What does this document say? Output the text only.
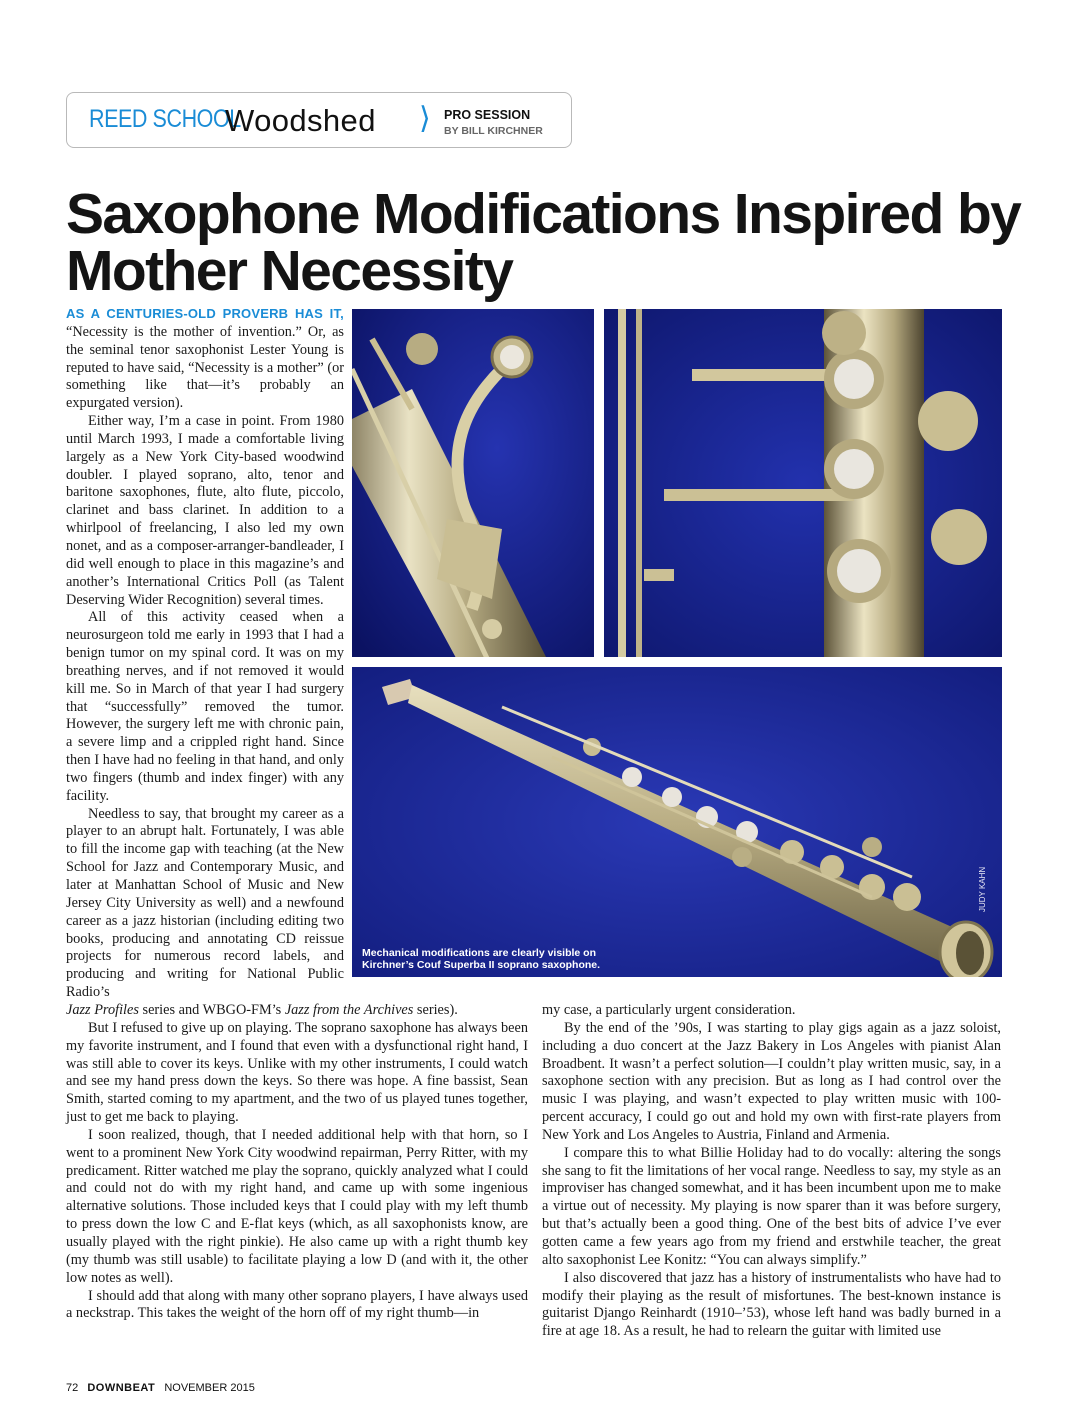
REED SCHOOL
Woodshed ⟩ PRO SESSION
BY BILL KIRCHNER
Saxophone Modifications Inspired by Mother Necessity

AS A CENTURIES-OLD PROVERB HAS IT, “Necessity is the mother of invention.” Or, as the seminal tenor saxophonist Lester Young is reputed to have said, “Necessity is a mother” (or something like that—it’s probably an expurgated version).

Either way, I’m a case in point. From 1980 until March 1993, I made a comfortable living largely as a New York City-based woodwind doubler. I played soprano, alto, tenor and baritone saxophones, flute, alto flute, piccolo, clarinet and bass clarinet. In addition to a whirlpool of freelancing, I also led my own nonet, and as a composer-arranger-bandleader, I did well enough to place in this magazine’s and another’s International Critics Poll (as Talent Deserving Wider Recognition) several times.

All of this activity ceased when a neurosurgeon told me early in 1993 that I had a benign tumor on my spinal cord. It was on my breathing nerves, and if not removed it would kill me. So in March of that year I had surgery that “successfully” removed the tumor. However, the surgery left me with chronic pain, a severe limp and a crippled right hand. Since then I have had no feeling in that hand, and only two fingers (thumb and index finger) with any facility.

Needless to say, that brought my career as a player to an abrupt halt. Fortunately, I was able to fill the income gap with teaching (at the New School for Jazz and Contemporary Music, and later at Manhattan School of Music and New Jersey City University as well) and a newfound career as a jazz historian (including editing two books, producing and annotating CD reissue projects for numerous record labels, and producing and writing for National Public Radio’s

Jazz Profiles series and WBGO-FM’s Jazz from the Archives series).

But I refused to give up on playing. The soprano saxophone has always been my favorite instrument, and I found that even with a dysfunctional right hand, I was still able to cover its keys. Unlike with my other instruments, I could watch and see my hand press down the keys. So there was hope. A fine bassist, Sean Smith, started coming to my apartment, and the two of us played tunes together, just to get me back to playing.

I soon realized, though, that I needed additional help with that horn, so I went to a prominent New York City woodwind repairman, Perry Ritter, with my predicament. Ritter watched me play the soprano, quickly analyzed what I could and could not do with my right hand, and came up with some ingenious alternative solutions. Those included keys that I could play with my left thumb to press down the low C and E-flat keys (which, as all saxophonists know, are usually played with the right pinkie). He also came up with a right thumb key (my thumb was still usable) to facilitate playing a low D (and with it, the other low notes as well).

I should add that along with many other soprano players, I have always used a neckstrap. This takes the weight of the horn off of my right thumb—in

my case, a particularly urgent consideration.

By the end of the ’90s, I was starting to play gigs again as a jazz soloist, including a duo concert at the Jazz Bakery in Los Angeles with pianist Alan Broadbent. It wasn’t a perfect solution—I couldn’t play written music, say, in a saxophone section with any precision. But as long as I had control over the music I was playing, and wasn’t expected to play written music with 100-percent accuracy, I could go out and hold my own with first-rate players from New York and Los Angeles to Austria, Finland and Armenia.

I compare this to what Billie Holiday had to do vocally: altering the songs she sang to fit the limitations of her vocal range. Needless to say, my style as an improviser has changed somewhat, and it has been incumbent upon me to make a virtue out of necessity. My playing is now sparer than it was before surgery, but that’s actually been a good thing. One of the best bits of advice I’ve ever gotten came a few years ago from my friend and erstwhile teacher, the great alto saxophonist Lee Konitz: “You can always simplify.”

I also discovered that jazz has a history of instrumentalists who have had to modify their playing as the result of misfortunes. The best-known instance is guitarist Django Reinhardt (1910–’53), whose left hand was badly burned in a fire at age 18. As a result, he had to relearn the guitar with limited use

Mechanical modifications are clearly visible on
Kirchner’s Couf Superba II soprano saxophone.
JUDY KAHN
72 DOWNBEAT NOVEMBER 2015
